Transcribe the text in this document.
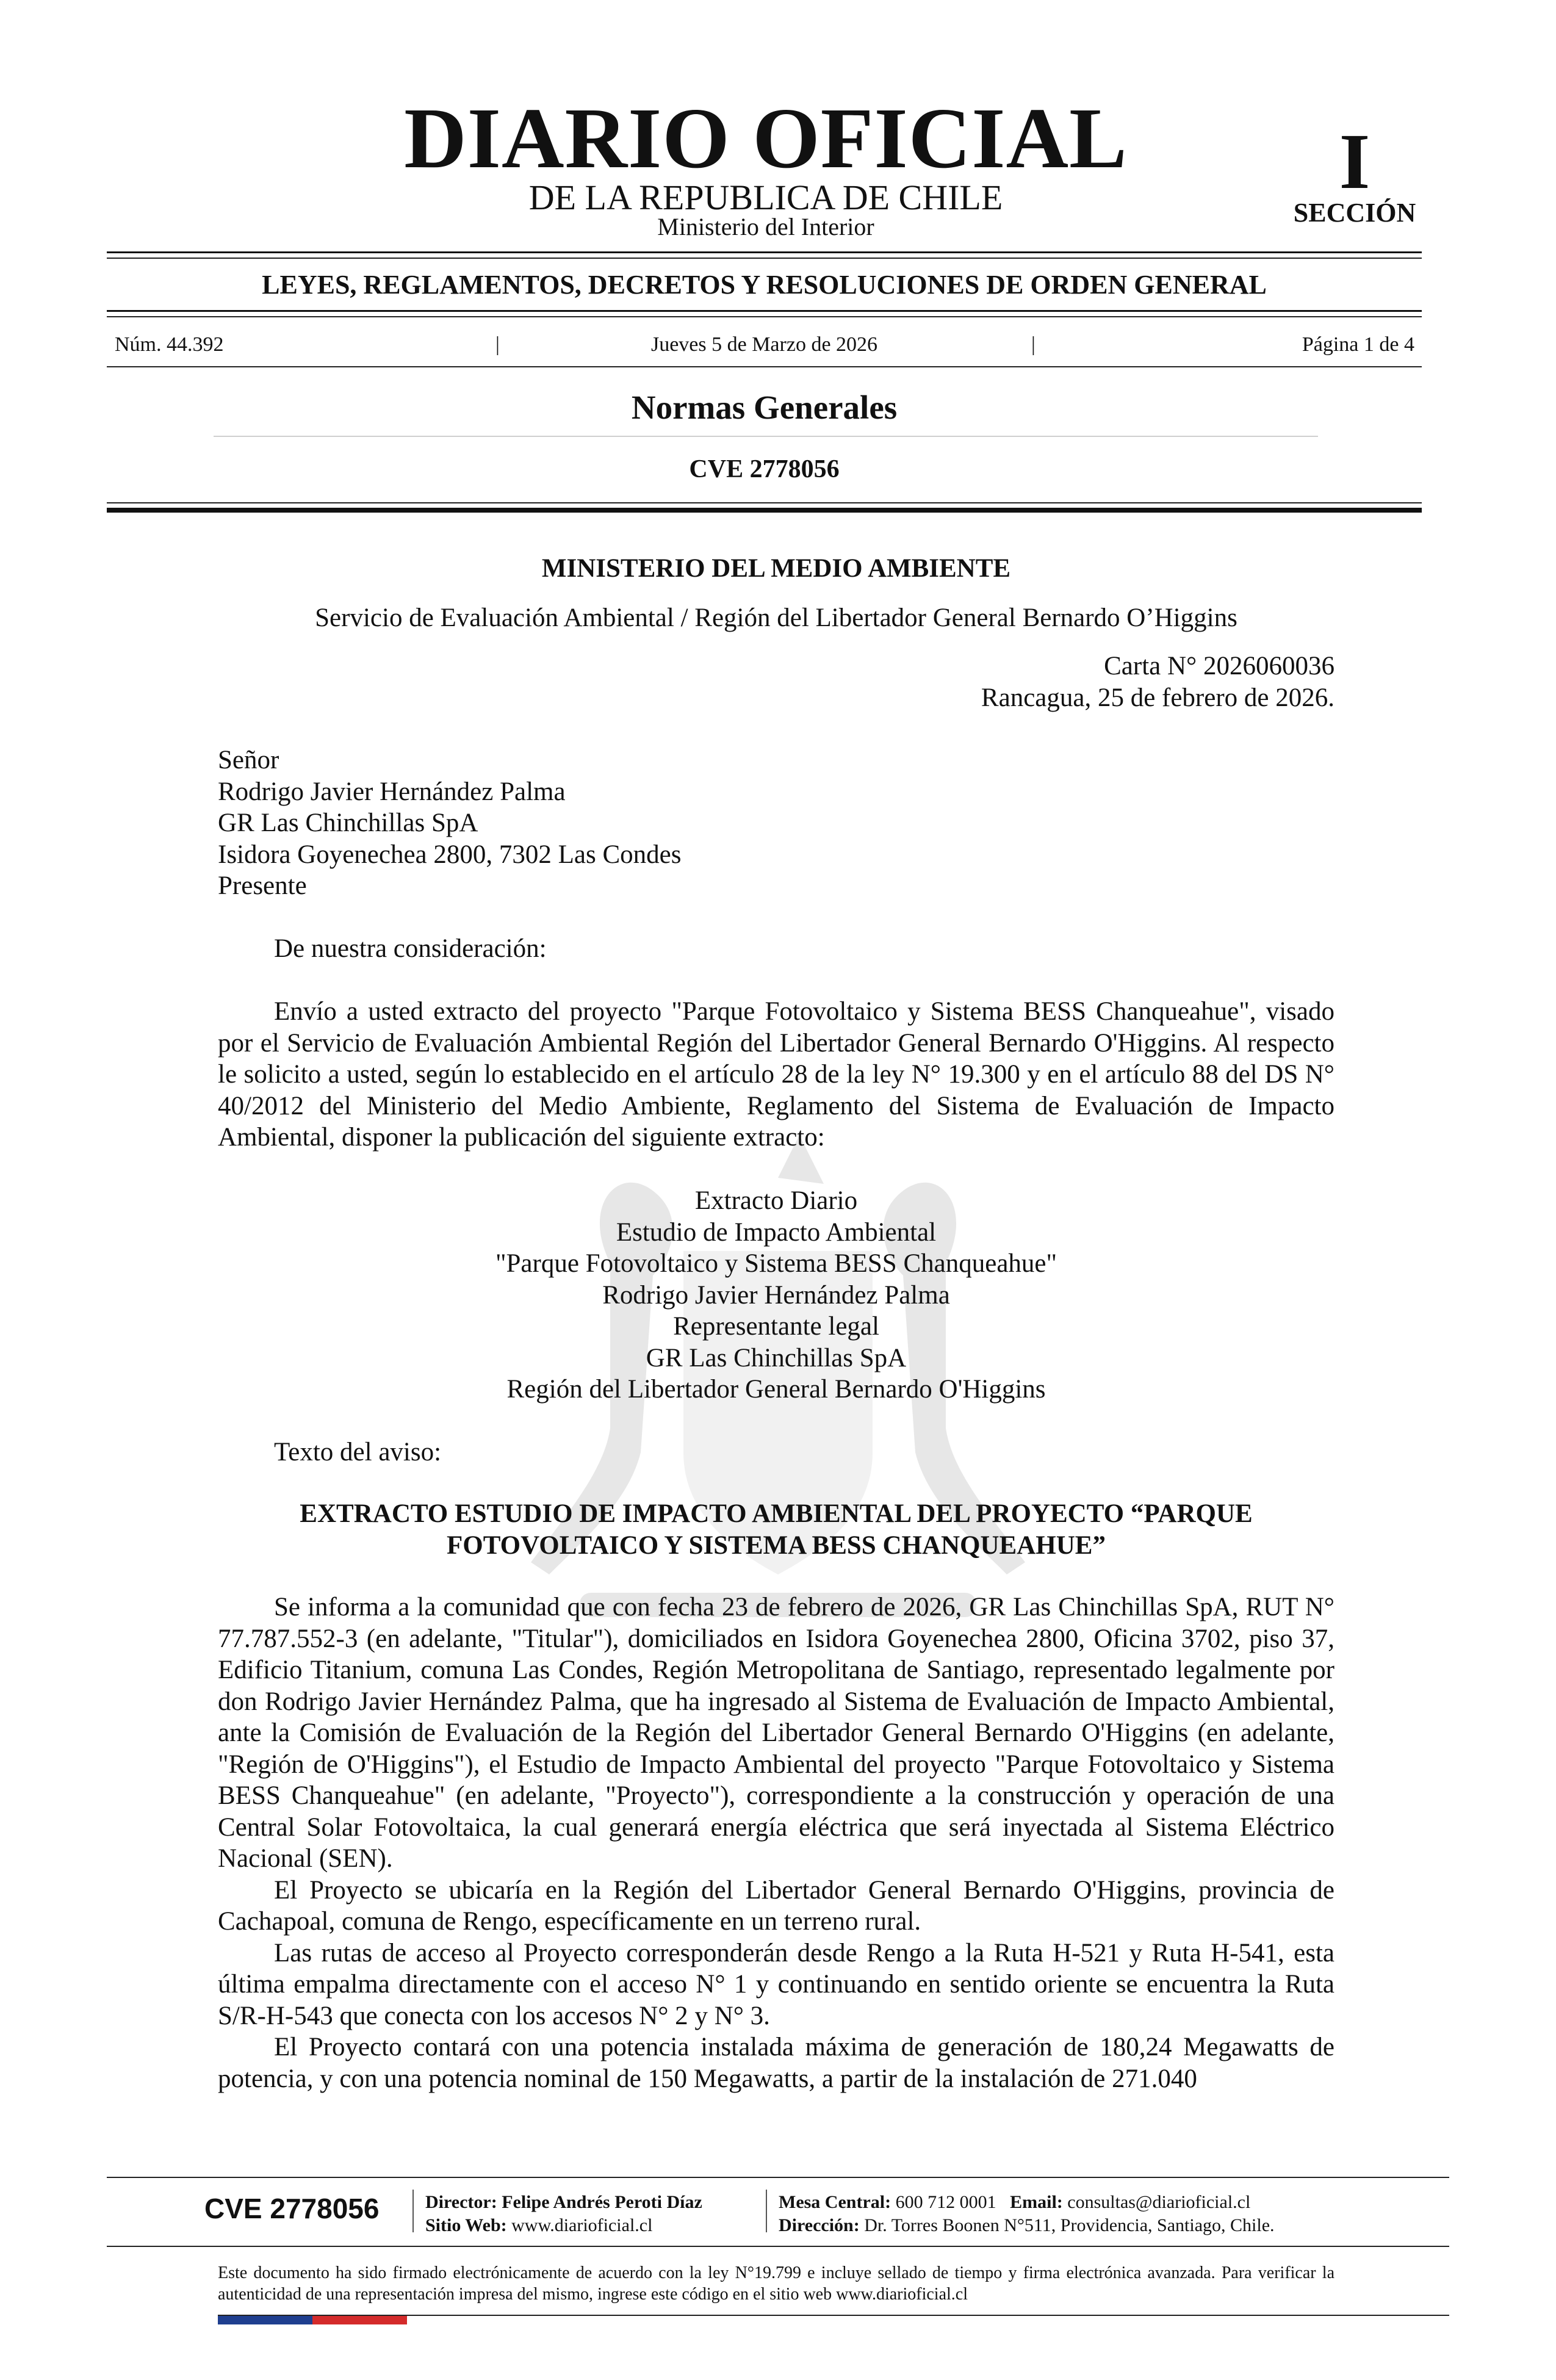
DIARIO OFICIAL
DE LA REPUBLICA DE CHILE
Ministerio del Interior
I
SECCIÓN
LEYES, REGLAMENTOS, DECRETOS Y RESOLUCIONES DE ORDEN GENERAL
Núm. 44.392	|	Jueves 5 de Marzo de 2026	|	Página 1 de 4
Normas Generales
CVE 2778056
MINISTERIO DEL MEDIO AMBIENTE
Servicio de Evaluación Ambiental / Región del Libertador General Bernardo O’Higgins
Carta N° 2026060036
Rancagua, 25 de febrero de 2026.
Señor
Rodrigo Javier Hernández Palma
GR Las Chinchillas SpA
Isidora Goyenechea 2800, 7302 Las Condes
Presente
De nuestra consideración:
Envío a usted extracto del proyecto "Parque Fotovoltaico y Sistema BESS Chanqueahue", visado por el Servicio de Evaluación Ambiental Región del Libertador General Bernardo O'Higgins. Al respecto le solicito a usted, según lo establecido en el artículo 28 de la ley N° 19.300 y en el artículo 88 del DS N° 40/2012 del Ministerio del Medio Ambiente, Reglamento del Sistema de Evaluación de Impacto Ambiental, disponer la publicación del siguiente extracto:
Extracto Diario
Estudio de Impacto Ambiental
"Parque Fotovoltaico y Sistema BESS Chanqueahue"
Rodrigo Javier Hernández Palma
Representante legal
GR Las Chinchillas SpA
Región del Libertador General Bernardo O'Higgins
Texto del aviso:
EXTRACTO ESTUDIO DE IMPACTO AMBIENTAL DEL PROYECTO “PARQUE FOTOVOLTAICO Y SISTEMA BESS CHANQUEAHUE”

Se informa a la comunidad que con fecha 23 de febrero de 2026, GR Las Chinchillas SpA, RUT N° 77.787.552-3 (en adelante, "Titular"), domiciliados en Isidora Goyenechea 2800, Oficina 3702, piso 37, Edificio Titanium, comuna Las Condes, Región Metropolitana de Santiago, representado legalmente por don Rodrigo Javier Hernández Palma, que ha ingresado al Sistema de Evaluación de Impacto Ambiental, ante la Comisión de Evaluación de la Región del Libertador General Bernardo O'Higgins (en adelante, "Región de O'Higgins"), el Estudio de Impacto Ambiental del proyecto "Parque Fotovoltaico y Sistema BESS Chanqueahue" (en adelante, "Proyecto"), correspondiente a la construcción y operación de una Central Solar Fotovoltaica, la cual generará energía eléctrica que será inyectada al Sistema Eléctrico Nacional (SEN).

El Proyecto se ubicaría en la Región del Libertador General Bernardo O'Higgins, provincia de Cachapoal, comuna de Rengo, específicamente en un terreno rural.

Las rutas de acceso al Proyecto corresponderán desde Rengo a la Ruta H-521 y Ruta H-541, esta última empalma directamente con el acceso N° 1 y continuando en sentido oriente se encuentra la Ruta S/R-H-543 que conecta con los accesos N° 2 y N° 3.

El Proyecto contará con una potencia instalada máxima de generación de 180,24 Megawatts de potencia, y con una potencia nominal de 150 Megawatts, a partir de la instalación de 271.040

CVE 2778056	Director: Felipe Andrés Peroti Díaz
Sitio Web: www.diarioficial.cl
Mesa Central: 600 712 0001 Email: consultas@diarioficial.cl
Dirección: Dr. Torres Boonen N°511, Providencia, Santiago, Chile.
Este documento ha sido firmado electrónicamente de acuerdo con la ley N°19.799 e incluye sellado de tiempo y firma electrónica avanzada. Para verificar la autenticidad de una representación impresa del mismo, ingrese este código en el sitio web www.diarioficial.cl
